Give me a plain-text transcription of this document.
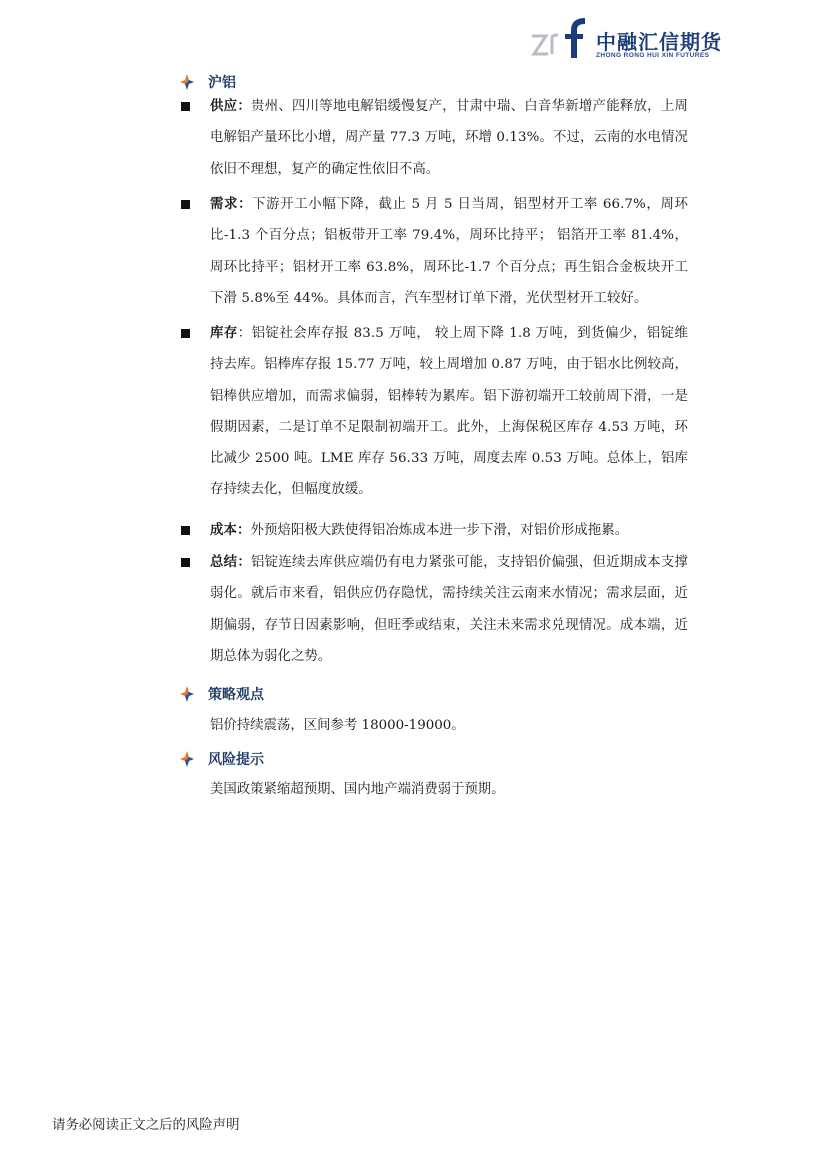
中融汇信期货
ZHONG RONG HUI XIN FUTURES
沪铝
供应：贵州、四川等地电解铝缓慢复产，甘肃中瑞、白音华新增产能释放，上周电解铝产量环比小增，周产量 77.3 万吨，环增 0.13%。不过，云南的水电情况依旧不理想，复产的确定性依旧不高。
需求：下游开工小幅下降，截止 5 月 5 日当周，铝型材开工率 66.7%，周环比-1.3 个百分点；铝板带开工率 79.4%，周环比持平； 铝箔开工率 81.4%，周环比持平；铝材开工率 63.8%，周环比-1.7 个百分点；再生铝合金板块开工下滑 5.8%至 44%。具体而言，汽车型材订单下滑，光伏型材开工较好。
库存：铝锭社会库存报 83.5 万吨， 较上周下降 1.8 万吨，到货偏少，铝锭维持去库。铝棒库存报 15.77 万吨，较上周增加 0.87 万吨，由于铝水比例较高，铝棒供应增加，而需求偏弱，铝棒转为累库。铝下游初端开工较前周下滑，一是假期因素，二是订单不足限制初端开工。此外，上海保税区库存 4.53 万吨，环比减少 2500 吨。LME 库存 56.33 万吨，周度去库 0.53 万吨。总体上，铝库存持续去化，但幅度放缓。
成本：外预焙阳极大跌使得铝冶炼成本进一步下滑，对铝价形成拖累。
总结：铝锭连续去库供应端仍有电力紧张可能，支持铝价偏强，但近期成本支撑弱化。就后市来看，铝供应仍存隐忧，需持续关注云南来水情况；需求层面，近期偏弱，存节日因素影响，但旺季或结束，关注未来需求兑现情况。成本端，近期总体为弱化之势。
策略观点
铝价持续震荡，区间参考 18000-19000。
风险提示
美国政策紧缩超预期、国内地产端消费弱于预期。
请务必阅读正文之后的风险声明
